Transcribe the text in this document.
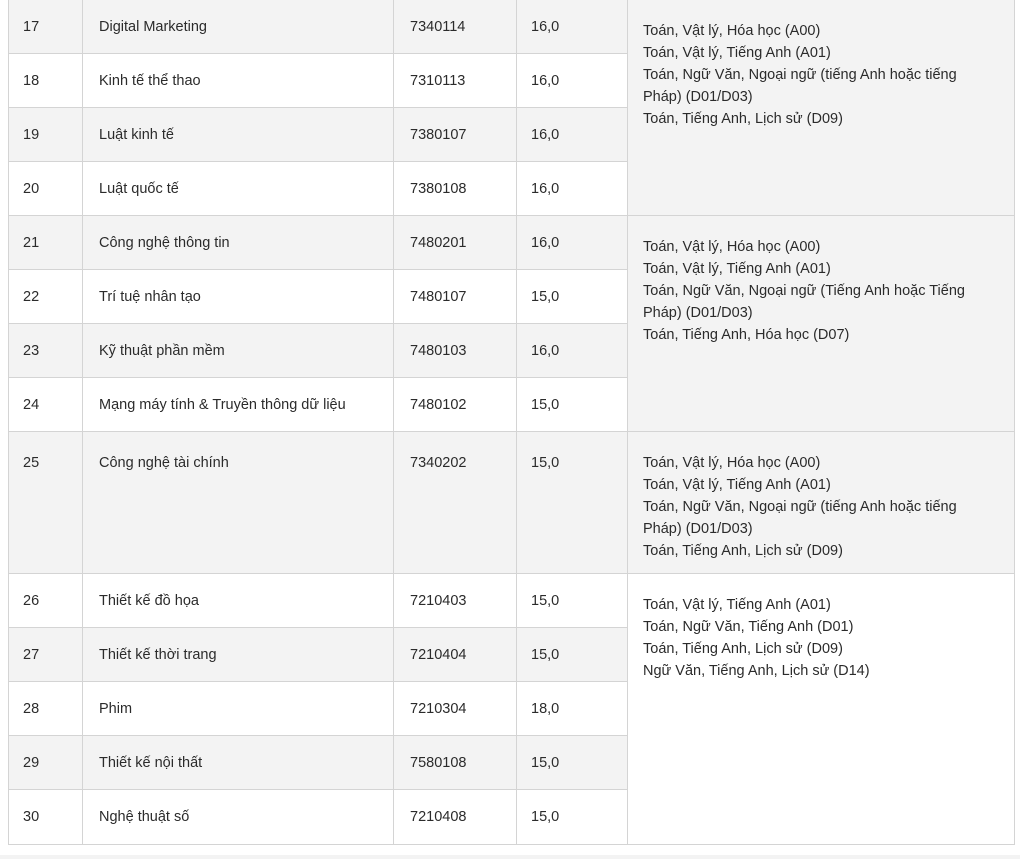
17	Digital Marketing	7340114	16,0	Toán, Vật lý, Hóa học (A00)
Toán, Vật lý, Tiếng Anh (A01)
Toán, Ngữ Văn, Ngoại ngữ (tiếng Anh hoặc tiếng
Pháp) (D01/D03)
Toán, Tiếng Anh, Lịch sử (D09)

18	Kinh tế thể thao	7310113	16,0	
19	Luật kinh tế	7380107	16,0	
20	Luật quốc tế	7380108	16,0	
21	Công nghệ thông tin	7480201	16,0	Toán, Vật lý, Hóa học (A00)
Toán, Vật lý, Tiếng Anh (A01)
Toán, Ngữ Văn, Ngoại ngữ (Tiếng Anh hoặc Tiếng
Pháp) (D01/D03)
Toán, Tiếng Anh, Hóa học (D07)

22	Trí tuệ nhân tạo	7480107	15,0	
23	Kỹ thuật phần mềm	7480103	16,0	
24	Mạng máy tính & Truyền thông dữ liệu	7480102	15,0	
25	Công nghệ tài chính	7340202	15,0	Toán, Vật lý, Hóa học (A00)
Toán, Vật lý, Tiếng Anh (A01)
Toán, Ngữ Văn, Ngoại ngữ (tiếng Anh hoặc tiếng
Pháp) (D01/D03)
Toán, Tiếng Anh, Lịch sử (D09)

26	Thiết kế đồ họa	7210403	15,0	Toán, Vật lý, Tiếng Anh (A01)
Toán, Ngữ Văn, Tiếng Anh (D01)
Toán, Tiếng Anh, Lịch sử (D09)
Ngữ Văn, Tiếng Anh, Lịch sử (D14)

27	Thiết kế thời trang	7210404	15,0	
28	Phim	7210304	18,0	
29	Thiết kế nội thất	7580108	15,0	
30	Nghệ thuật số	7210408	15,0	
